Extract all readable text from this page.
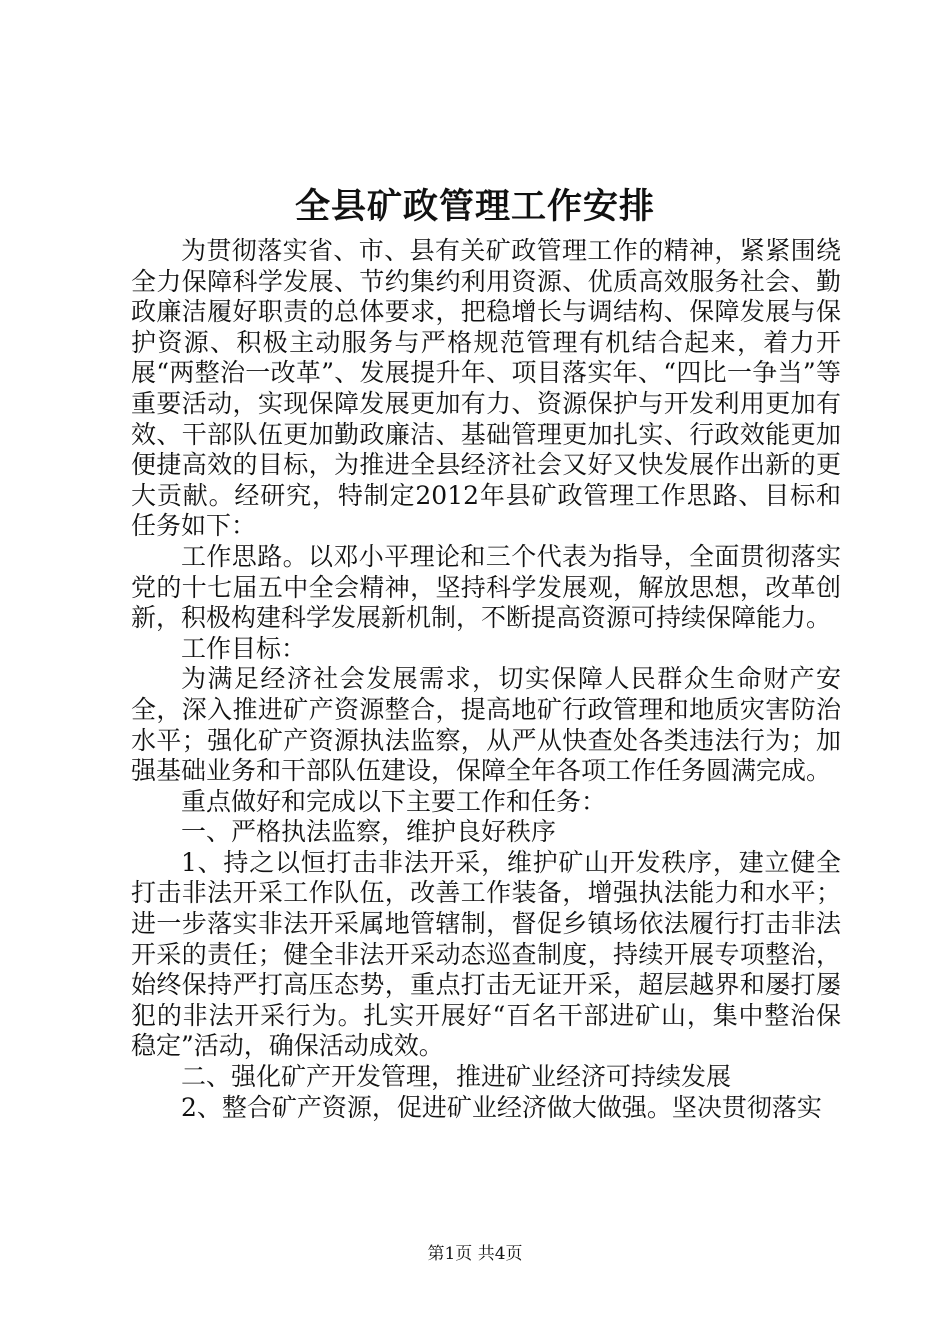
全县矿政管理工作安排

为贯彻落实省、市、县有关矿政管理工作的精神，紧紧围绕全力保障科学发展、节约集约利用资源、优质高效服务社会、勤政廉洁履好职责的总体要求，把稳增长与调结构、保障发展与保护资源、积极主动服务与严格规范管理有机结合起来，着力开展“两整治一改革”、发展提升年、项目落实年、“四比一争当”等重要活动，实现保障发展更加有力、资源保护与开发利用更加有效、干部队伍更加勤政廉洁、基础管理更加扎实、行政效能更加便捷高效的目标，为推进全县经济社会又好又快发展作出新的更大贡献。经研究，特制定2012年县矿政管理工作思路、目标和任务如下：

工作思路。以邓小平理论和三个代表为指导，全面贯彻落实党的十七届五中全会精神，坚持科学发展观，解放思想，改革创新，积极构建科学发展新机制，不断提高资源可持续保障能力。

工作目标：

为满足经济社会发展需求，切实保障人民群众生命财产安全，深入推进矿产资源整合，提高地矿行政管理和地质灾害防治水平；强化矿产资源执法监察，从严从快查处各类违法行为；加强基础业务和干部队伍建设，保障全年各项工作任务圆满完成。

重点做好和完成以下主要工作和任务：

一、严格执法监察，维护良好秩序

1、持之以恒打击非法开采，维护矿山开发秩序，建立健全打击非法开采工作队伍，改善工作装备，增强执法能力和水平；进一步落实非法开采属地管辖制，督促乡镇场依法履行打击非法开采的责任；健全非法开采动态巡查制度，持续开展专项整治，始终保持严打高压态势，重点打击无证开采，超层越界和屡打屡犯的非法开采行为。扎实开展好“百名干部进矿山，集中整治保稳定”活动，确保活动成效。

二、强化矿产开发管理，推进矿业经济可持续发展

2、整合矿产资源，促进矿业经济做大做强。坚决贯彻落实

第1页 共4页
